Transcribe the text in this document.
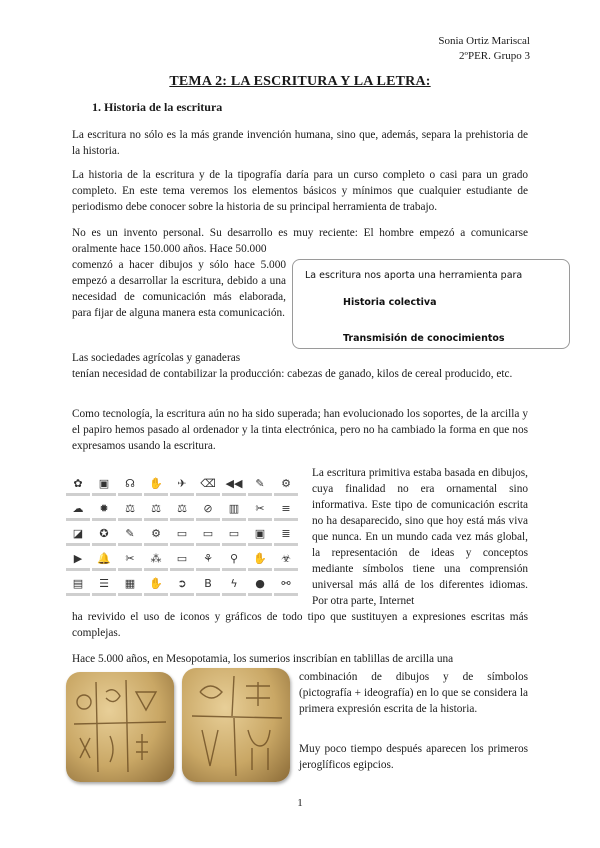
Sonia Ortiz Mariscal
2ºPER. Grupo 3
TEMA 2: LA ESCRITURA Y LA LETRA:
1. Historia de la escritura
La escritura no sólo es la más grande invención humana, sino que, además, separa la prehistoria de la historia.
La historia de la escritura y de la tipografía daría para un curso completo o casi para un grado completo. En este tema veremos los elementos básicos y mínimos que cualquier estudiante de periodismo debe conocer sobre la historia de su principal herramienta de trabajo.
No es un invento personal. Su desarrollo es muy reciente: El hombre empezó a comunicarse oralmente hace 150.000 años. Hace 50.000
comenzó a hacer dibujos y sólo hace 5.000 empezó a desarrollar la escritura, debido a una necesidad de comunicación más elaborada, para fijar de alguna manera esta comunicación.
La escritura nos aporta una herramienta para
Historia colectiva
Transmisión de conocimientos
Las sociedades agrícolas y ganaderas
tenían necesidad de contabilizar la producción: cabezas de ganado, kilos de cereal producido, etc.
Como tecnología, la escritura aún no ha sido superada; han evolucionado los soportes, de la arcilla y el papiro hemos pasado al ordenador y la tinta electrónica, pero no ha cambiado la forma en que nos expresamos usando la escritura.
✿	▣	☊	✋	✈	⌫ ◀◀	✎	⚙
☁	✹	⚖	⚖	⚖	⊘	▥	✂	≡
◪	✪	✎	⚙	▭	▭	▭	▣	≣
▶	🔔	✂	⁂	▭	⚘	⚲	✋	☣
▤	☰	▦	✋	➲	B	ϟ	●	⚯
La escritura primitiva estaba basada en dibujos, cuya finalidad no era ornamental sino informativa. Este tipo de comunicación escrita no ha desaparecido, sino que hoy está más viva que nunca. En un mundo cada vez más global, la representación de ideas y conceptos mediante símbolos tiene una comprensión universal más allá de los diferentes idiomas. Por otra parte, Internet
ha revivido el uso de iconos y gráficos de todo tipo que sustituyen a expresiones escritas más complejas.
Hace 5.000 años, en Mesopotamia, los sumerios inscribían en tablillas de arcilla una
combinación de dibujos y de símbolos (pictografía + ideografía) en lo que se considera la primera expresión escrita de la historia.
Muy poco tiempo después aparecen los primeros jeroglíficos egipcios.
1
